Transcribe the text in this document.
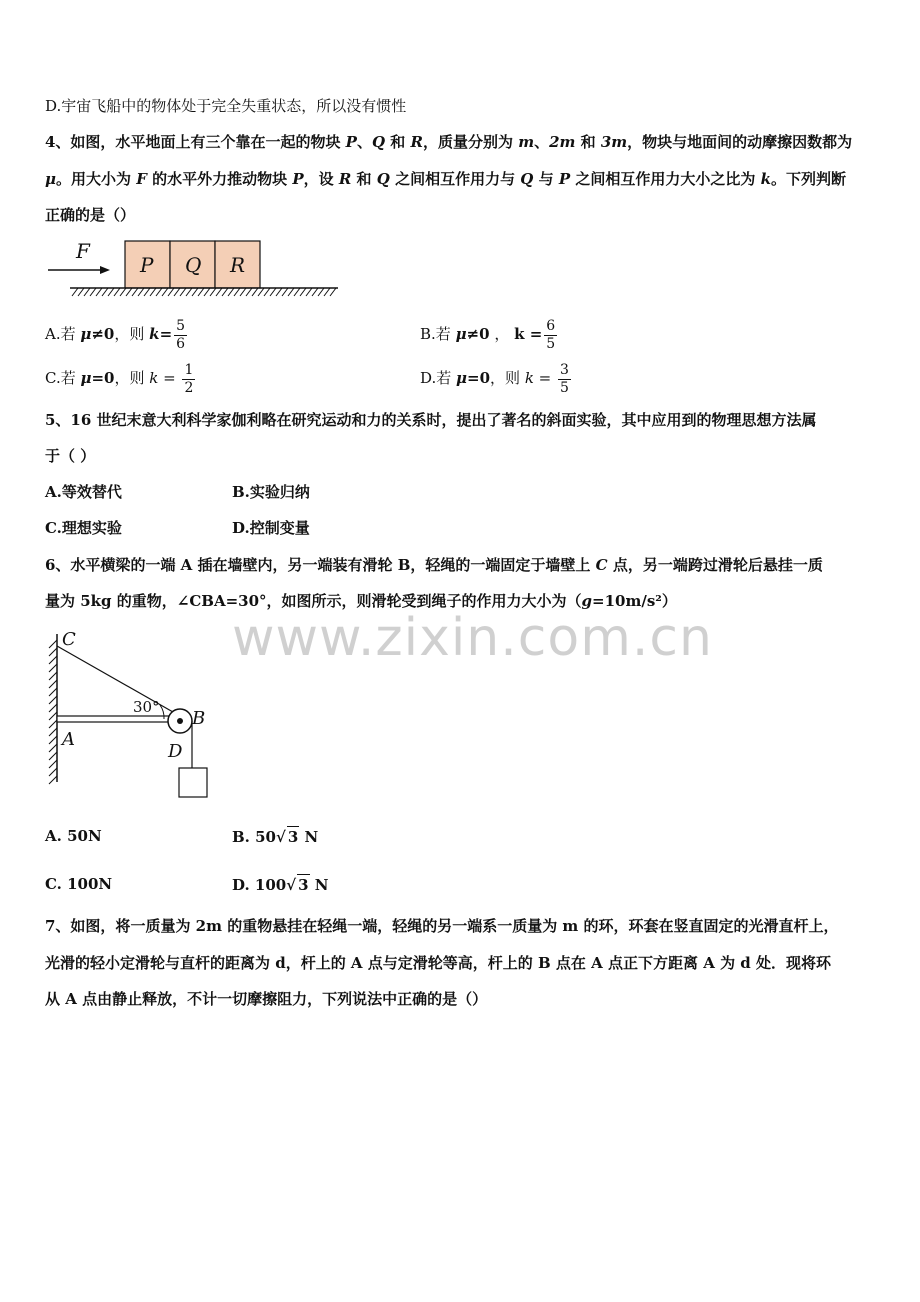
D.宇宙飞船中的物体处于完全失重状态，所以没有惯性
4、如图，水平地面上有三个靠在一起的物块 P、Q 和 R，质量分别为 m、2m 和 3m，物块与地面间的动摩擦因数都为
μ。用大小为 F 的水平外力推动物块 P，设 R 和 Q 之间相互作用力与 Q 与 P 之间相互作用力大小之比为 k。下列判断
正确的是（）
F
P Q R
A.若 μ≠0，则 $k= \frac{5}{6}$	B.若 μ≠0 ， $k = \frac{6}{5}$
C.若 μ=0，则 $k = \frac{1}{2}$	D.若 μ=0，则 $k = \frac{3}{5}$
5、16 世纪末意大利科学家伽利略在研究运动和力的关系时，提出了著名的斜面实验，其中应用到的物理思想方法属
于（ ）
A.等效替代	B.实验归纳
C.理想实验	D.控制变量
6、水平横梁的一端 A 插在墙壁内，另一端装有滑轮 B，轻绳的一端固定于墙壁上 C 点，另一端跨过滑轮后悬挂一质
量为 5kg 的重物，∠CBA=30°，如图所示，则滑轮受到绳子的作用力大小为（g=10m/s²）
www.zixin.com.cn
C
A
B
D
30°
A. 50N	B. 50√ 3 N
C. 100N	D. 100√ 3 N
7、如图，将一质量为 2m 的重物悬挂在轻绳一端，轻绳的另一端系一质量为 m 的环，环套在竖直固定的光滑直杆上，
光滑的轻小定滑轮与直杆的距离为 d，杆上的 A 点与定滑轮等高，杆上的 B 点在 A 点正下方距离 A 为 d 处．现将环
从 A 点由静止释放，不计一切摩擦阻力，下列说法中正确的是（）
